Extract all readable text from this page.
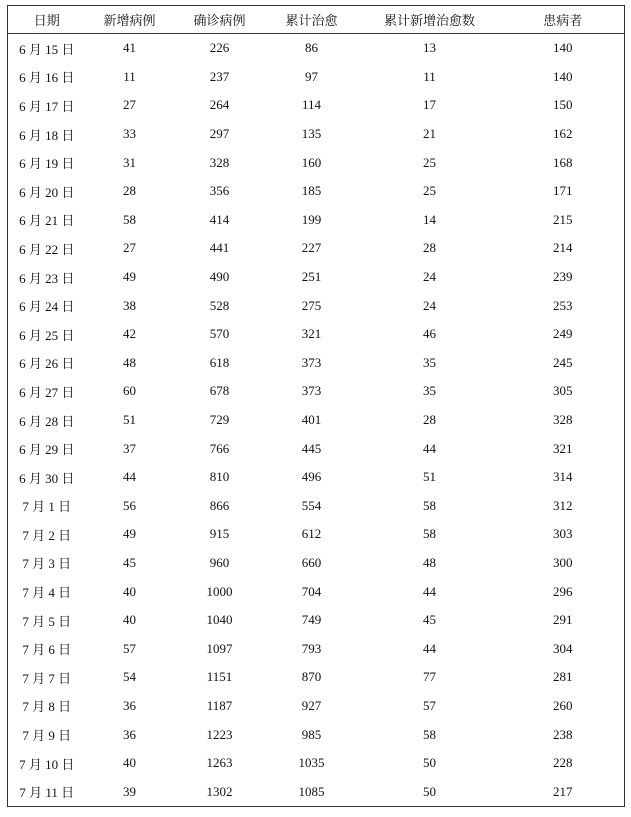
日期	新增病例	确诊病例	累计治愈	累计新增治愈数	患病者
6 月 15 日	41	226	86	13	140
6 月 16 日	11	237	97	11	140
6 月 17 日	27	264	114	17	150
6 月 18 日	33	297	135	21	162
6 月 19 日	31	328	160	25	168
6 月 20 日	28	356	185	25	171
6 月 21 日	58	414	199	14	215
6 月 22 日	27	441	227	28	214
6 月 23 日	49	490	251	24	239
6 月 24 日	38	528	275	24	253
6 月 25 日	42	570	321	46	249
6 月 26 日	48	618	373	35	245
6 月 27 日	60	678	373	35	305
6 月 28 日	51	729	401	28	328
6 月 29 日	37	766	445	44	321
6 月 30 日	44	810	496	51	314
7 月 1 日	56	866	554	58	312
7 月 2 日	49	915	612	58	303
7 月 3 日	45	960	660	48	300
7 月 4 日	40	1000	704	44	296
7 月 5 日	40	1040	749	45	291
7 月 6 日	57	1097	793	44	304
7 月 7 日	54	1151	870	77	281
7 月 8 日	36	1187	927	57	260
7 月 9 日	36	1223	985	58	238
7 月 10 日	40	1263	1035	50	228
7 月 11 日	39	1302	1085	50	217
